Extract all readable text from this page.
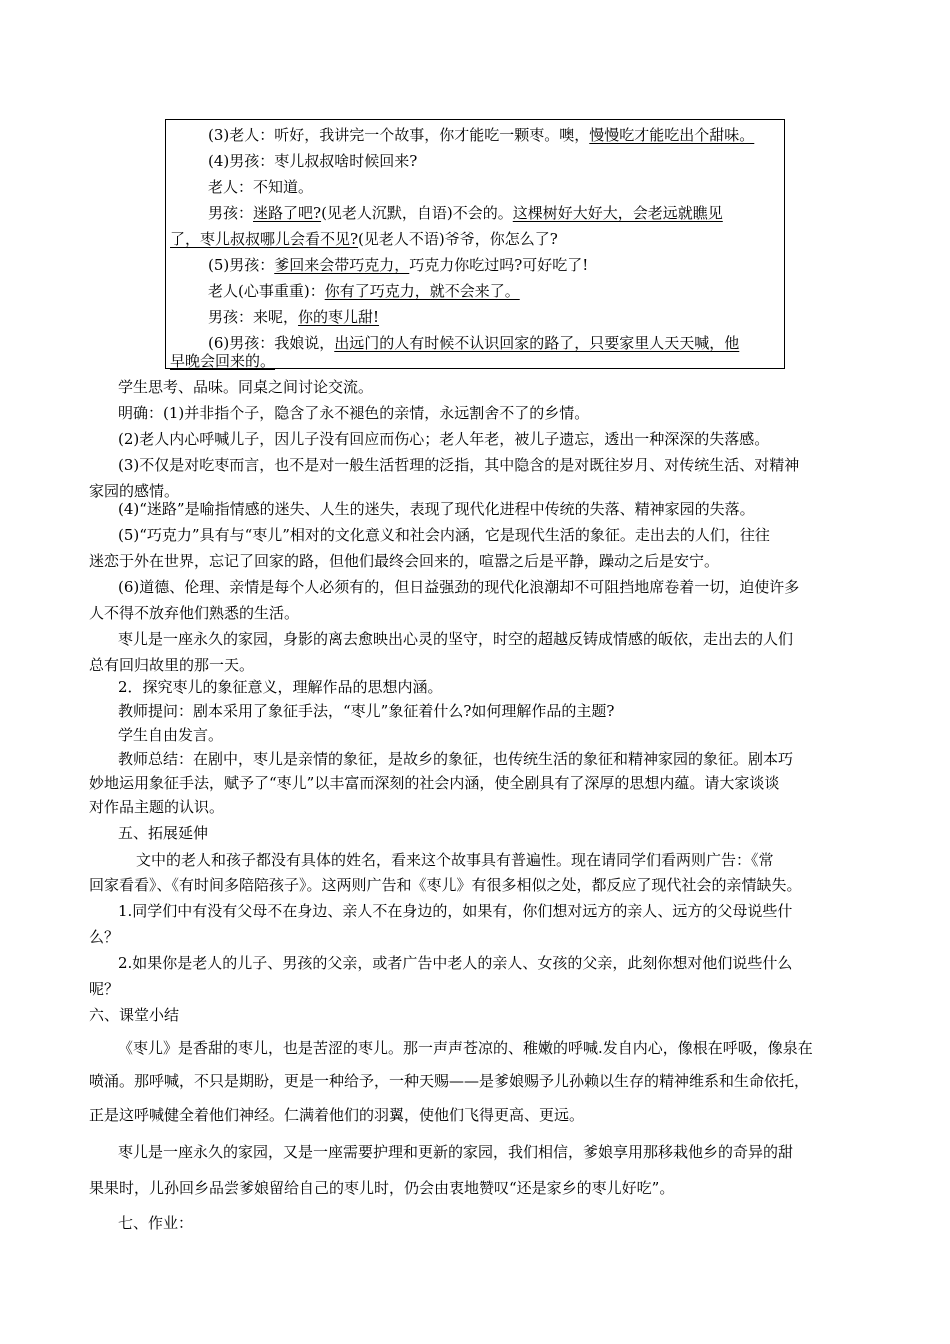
(3)老人：听好，我讲完一个故事，你才能吃一颗枣。噢，慢慢吃才能吃出个甜味。
(4)男孩：枣儿叔叔啥时候回来?
老人：不知道。
男孩：迷路了吧?(见老人沉默，自语)不会的。这棵树好大好大，会老远就瞧见
了，枣儿叔叔哪儿会看不见?(见老人不语)爷爷，你怎么了?
(5)男孩：爹回来会带巧克力，巧克力你吃过吗?可好吃了!
老人(心事重重)：你有了巧克力，就不会来了。
男孩：来呢，你的枣儿甜!
(6)男孩：我娘说，出远门的人有时候不认识回家的路了，只要家里人天天喊，他
早晚会回来的。
学生思考、品味。同桌之间讨论交流。
明确：(1)并非指个子，隐含了永不褪色的亲情，永远割舍不了的乡情。
(2)老人内心呼喊儿子，因儿子没有回应而伤心；老人年老，被儿子遗忘，透出一种深深的失落感。
(3)不仅是对吃枣而言，也不是对一般生活哲理的泛指，其中隐含的是对既往岁月、对传统生活、对精神
家园的感情。
(4)“迷路”是喻指情感的迷失、人生的迷失，表现了现代化进程中传统的失落、精神家园的失落。
(5)“巧克力”具有与“枣儿”相对的文化意义和社会内涵，它是现代生活的象征。走出去的人们，往往
迷恋于外在世界，忘记了回家的路，但他们最终会回来的，喧嚣之后是平静，躁动之后是安宁。
(6)道德、伦理、亲情是每个人必须有的，但日益强劲的现代化浪潮却不可阻挡地席卷着一切，迫使许多
人不得不放弃他们熟悉的生活。
枣儿是一座永久的家园，身影的离去愈映出心灵的坚守，时空的超越反铸成情感的皈依，走出去的人们
总有回归故里的那一天。
2．探究枣儿的象征意义，理解作品的思想内涵。
教师提问：剧本采用了象征手法，“枣儿”象征着什么?如何理解作品的主题?
学生自由发言。
教师总结：在剧中，枣儿是亲情的象征，是故乡的象征，也传统生活的象征和精神家园的象征。剧本巧
妙地运用象征手法，赋予了“枣儿”以丰富而深刻的社会内涵，使全剧具有了深厚的思想内蕴。请大家谈谈
对作品主题的认识。
五、拓展延伸
文中的老人和孩子都没有具体的姓名，看来这个故事具有普遍性。现在请同学们看两则广告：《常
回家看看》、《有时间多陪陪孩子》。这两则广告和《枣儿》有很多相似之处，都反应了现代社会的亲情缺失。
1.同学们中有没有父母不在身边、亲人不在身边的，如果有，你们想对远方的亲人、远方的父母说些什
么？
2.如果你是老人的儿子、男孩的父亲，或者广告中老人的亲人、女孩的父亲，此刻你想对他们说些什么
呢？
六、课堂小结
《枣儿》是香甜的枣儿，也是苦涩的枣儿。那一声声苍凉的、稚嫩的呼喊.发自内心，像根在呼吸，像泉在
喷涌。那呼喊，不只是期盼，更是一种给予，一种天赐——是爹娘赐予儿孙赖以生存的精神维系和生命依托，
正是这呼喊健全着他们神经。仁满着他们的羽翼，使他们飞得更高、更远。
枣儿是一座永久的家园，又是一座需要护理和更新的家园，我们相信，爹娘享用那移栽他乡的奇异的甜
果果时，儿孙回乡品尝爹娘留给自己的枣儿时，仍会由衷地赞叹“还是家乡的枣儿好吃”。
七、作业：
